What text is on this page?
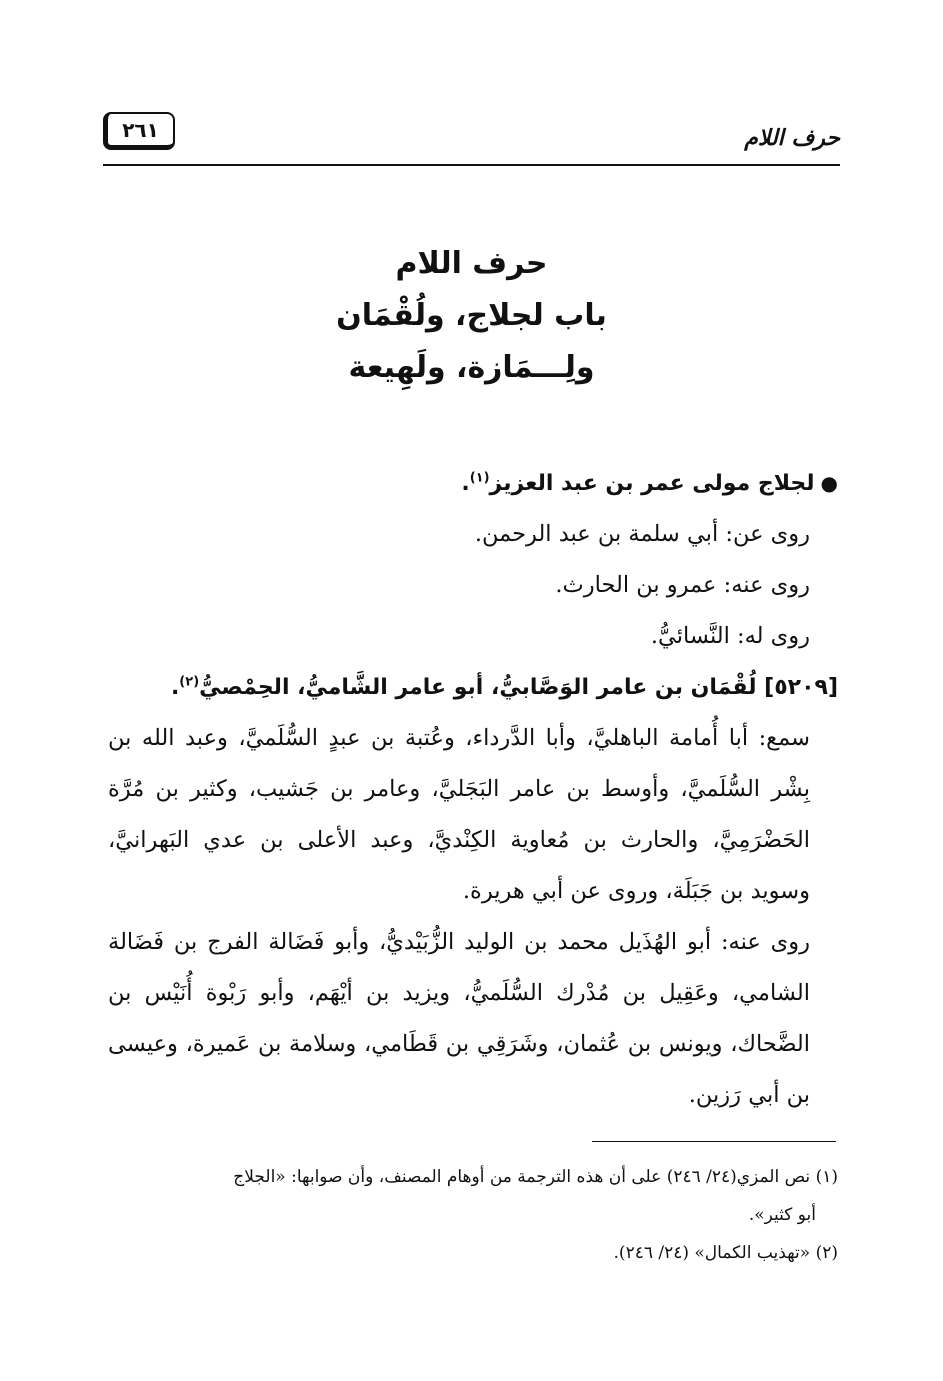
حرف اللام
٢٦١
حرف اللام
باب لجلاج، ولُقْمَان
ولِـــمَازة، ولَهِيعة

●لجلاج مولى عمر بن عبد العزيز$^{(١)}$.

روى عن: أبي سلمة بن عبد الرحمن.

روى عنه: عمرو بن الحارث.

روى له: النَّسائيُّ.

[٥٢٠٩] لُقْمَان بن عامر الوَصَّابيُّ، أبو عامر الشَّاميُّ، الحِمْصيُّ$^{(٢)}$.

سمع: أبا أُمامة الباهليَّ، وأبا الدَّرداء، وعُتبة بن عبدٍ السُّلَميَّ، وعبد الله بن بِشْر السُّلَميَّ، وأوسط بن عامر البَجَليَّ، وعامر بن جَشيب، وكثير بن مُرَّة الحَضْرَمِيَّ، والحارث بن مُعاوية الكِنْديَّ، وعبد الأعلى بن عدي البَهرانيَّ، وسويد بن جَبَلَة، وروى عن أبي هريرة.

روى عنه: أبو الهُذَيل محمد بن الوليد الزُّبَيْديُّ، وأبو فَضَالة الفرج بن فَضَالة الشامي، وعَقِيل بن مُدْرك السُّلَميُّ، ويزيد بن أيْهَم، وأبو رَبْوة أُنَيْس بن الضَّحاك، ويونس بن عُثمان، وشَرَقِي بن قَطَامي، وسلامة بن عَميرة، وعيسى بن أبي رَزين.

(١) نص المزي(٢٤/ ٢٤٦) على أن هذه الترجمة من أوهام المصنف، وأن صوابها: «الجلاج

أبو كثير».

(٢) «تهذيب الكمال» (٢٤/ ٢٤٦).
